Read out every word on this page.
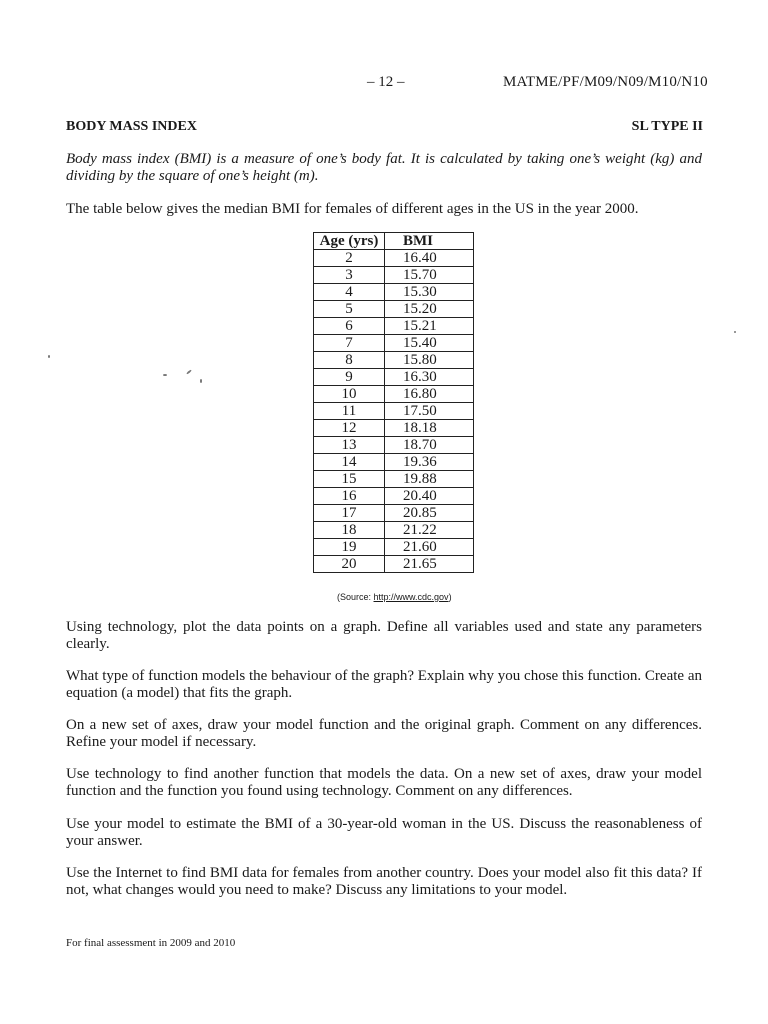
– 12 –	MATME/PF/M09/N09/M10/N10
BODY MASS INDEX	SL TYPE II
Body mass index (BMI) is a measure of one’s body fat. It is calculated by taking one’s weight (kg) and dividing by the square of one’s height (m).
The table below gives the median BMI for females of different ages in the US in the year 2000.
Age (yrs)	BMI
2	16.40
3	15.70
4	15.30
5	15.20
6	15.21
7	15.40
8	15.80
9	16.30
10	16.80
11	17.50
12	18.18
13	18.70
14	19.36
15	19.88
16	20.40
17	20.85
18	21.22
19	21.60
20	21.65
(Source: http://www.cdc.gov)
Using technology, plot the data points on a graph. Define all variables used and state any parameters clearly.
What type of function models the behaviour of the graph? Explain why you chose this function. Create an equation (a model) that fits the graph.
On a new set of axes, draw your model function and the original graph. Comment on any differences. Refine your model if necessary.
Use technology to find another function that models the data. On a new set of axes, draw your model function and the function you found using technology. Comment on any differences.
Use your model to estimate the BMI of a 30-year-old woman in the US. Discuss the reasonableness of your answer.
Use the Internet to find BMI data for females from another country. Does your model also fit this data? If not, what changes would you need to make? Discuss any limitations to your model.
For final assessment in 2009 and 2010
